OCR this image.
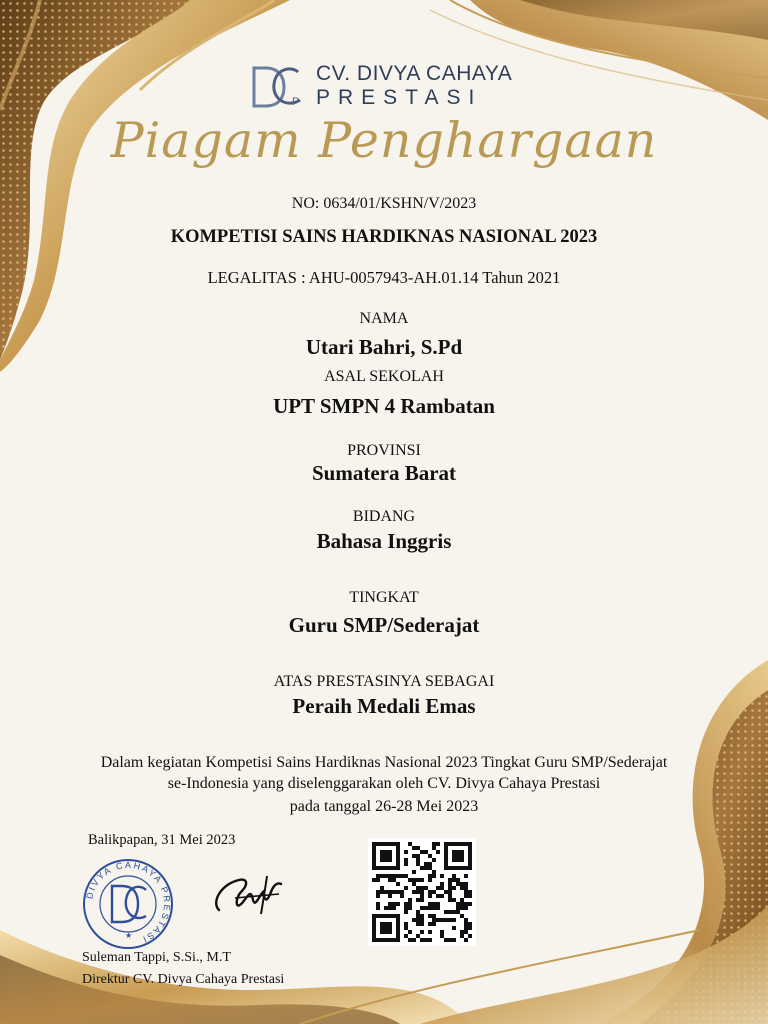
P
CV. DIVYA CAHAYA
PRESTASI
Piagam Penghargaan
NO: 0634/01/KSHN/V/2023
KOMPETISI SAINS HARDIKNAS NASIONAL 2023
LEGALITAS : AHU-0057943-AH.01.14 Tahun 2021
NAMA
Utari Bahri, S.Pd
ASAL SEKOLAH
UPT SMPN 4 Rambatan
PROVINSI
Sumatera Barat
BIDANG
Bahasa Inggris
TINGKAT
Guru SMP/Sederajat
ATAS PRESTASINYA SEBAGAI
Peraih Medali Emas
Dalam kegiatan Kompetisi Sains Hardiknas Nasional 2023 Tingkat Guru SMP/Sederajat
se-Indonesia yang diselenggarakan oleh CV. Divya Cahaya Prestasi
pada tanggal 26-28 Mei 2023
Balikpapan, 31 Mei 2023
DIVYA CAHAYA PRESTASI
★
Suleman Tappi, S.Si., M.T
Direktur CV. Divya Cahaya Prestasi
